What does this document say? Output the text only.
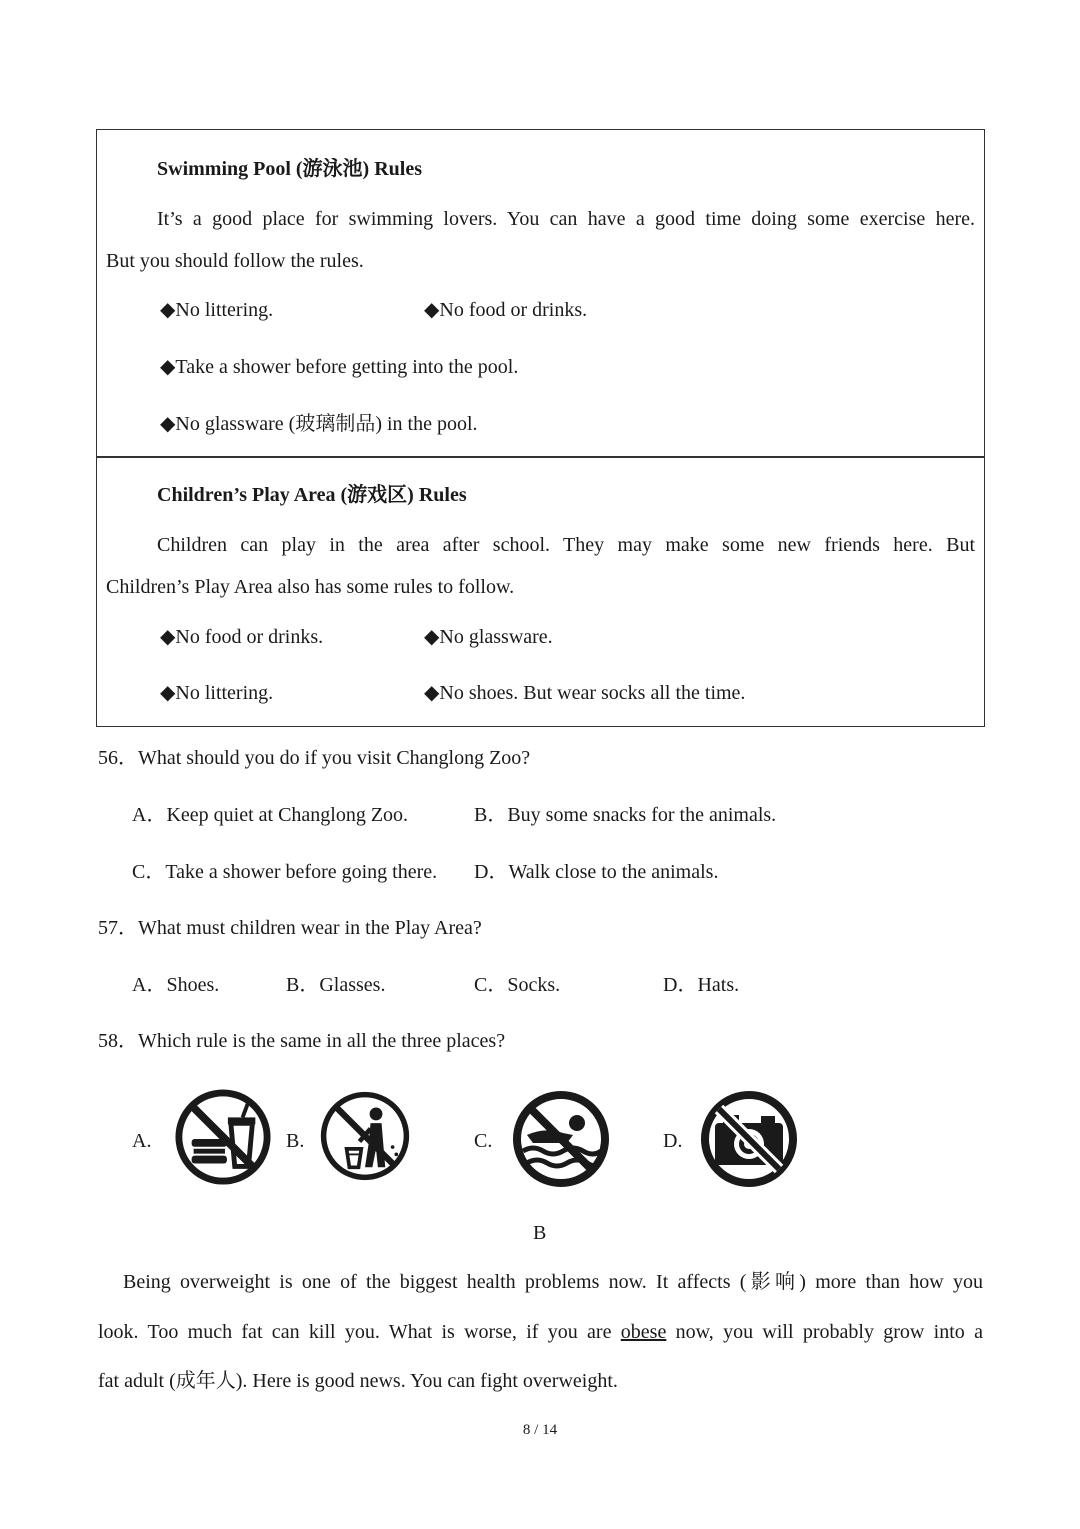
Swimming Pool (游泳池) Rules
It’s a good place for swimming lovers. You can have a good time doing some exercise here.
But you should follow the rules.
◆No littering.	◆No food or drinks.
◆Take a shower before getting into the pool.
◆No glassware (玻璃制品) in the pool.
Children’s Play Area (游戏区) Rules
Children can play in the area after school. They may make some new friends here. But
Children’s Play Area also has some rules to follow.
◆No food or drinks.	◆No glassware.
◆No littering.	◆No shoes. But wear socks all the time.
56．What should you do if you visit Changlong Zoo?
A．Keep quiet at Changlong Zoo.	B．Buy some snacks for the animals.
C．Take a shower before going there. D．Walk close to the animals.
57．What must children wear in the Play Area?
A．Shoes.	B．Glasses.	C．Socks.	D．Hats.
58．Which rule is the same in all the three places?
A.	B.	C.	D.
B
Being overweight is one of the biggest health problems now. It affects (影响) more than how you
look. Too much fat can kill you. What is worse, if you are obese now, you will probably grow into a
fat adult (成年人). Here is good news. You can fight overweight.
8 / 14
